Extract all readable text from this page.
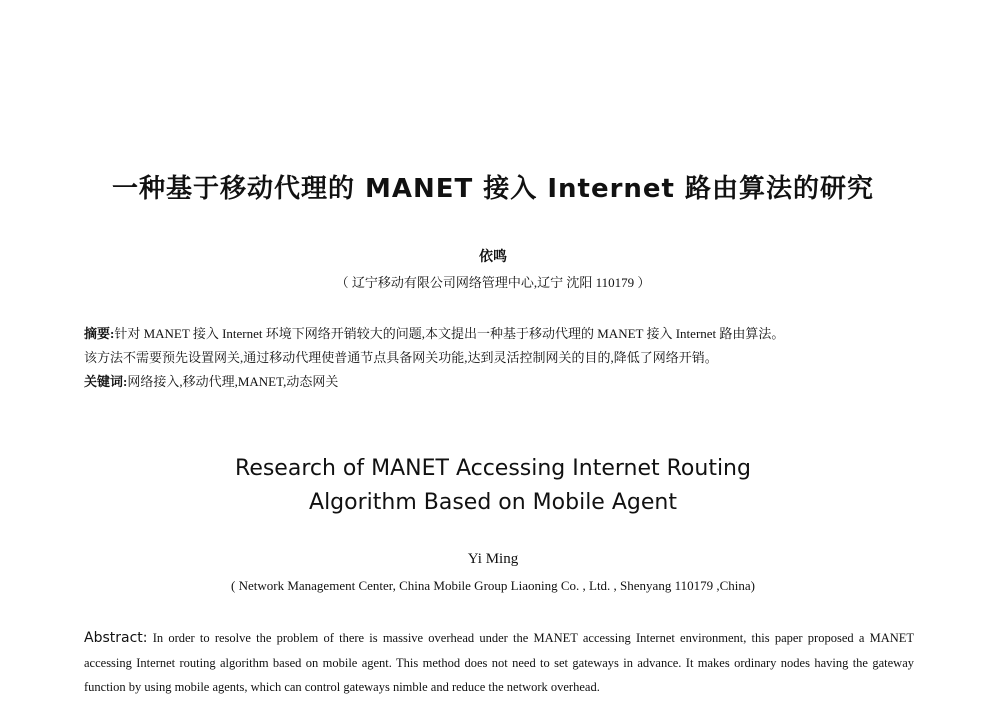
一种基于移动代理的 MANET 接入 Internet 路由算法的研究
依鸣
（ 辽宁移动有限公司网络管理中心,辽宁 沈阳 110179 ）
摘要:针对 MANET 接入 Internet 环境下网络开销较大的问题,本文提出一种基于移动代理的 MANET 接入 Internet 路由算法。
该方法不需要预先设置网关,通过移动代理使普通节点具备网关功能,达到灵活控制网关的目的,降低了网络开销。
关键词:网络接入,移动代理,MANET,动态网关
Research of MANET Accessing Internet Routing
Algorithm Based on Mobile Agent
Yi Ming
( Network Management Center, China Mobile Group Liaoning Co. , Ltd. , Shenyang 110179 ,China)
Abstract: In order to resolve the problem of there is massive overhead under the MANET accessing Internet environment, this paper proposed a MANET accessing Internet routing algorithm based on mobile agent. This method does not need to set gateways in advance. It makes ordinary nodes having the gateway function by using mobile agents, which can control gateways nimble and reduce the network overhead.
